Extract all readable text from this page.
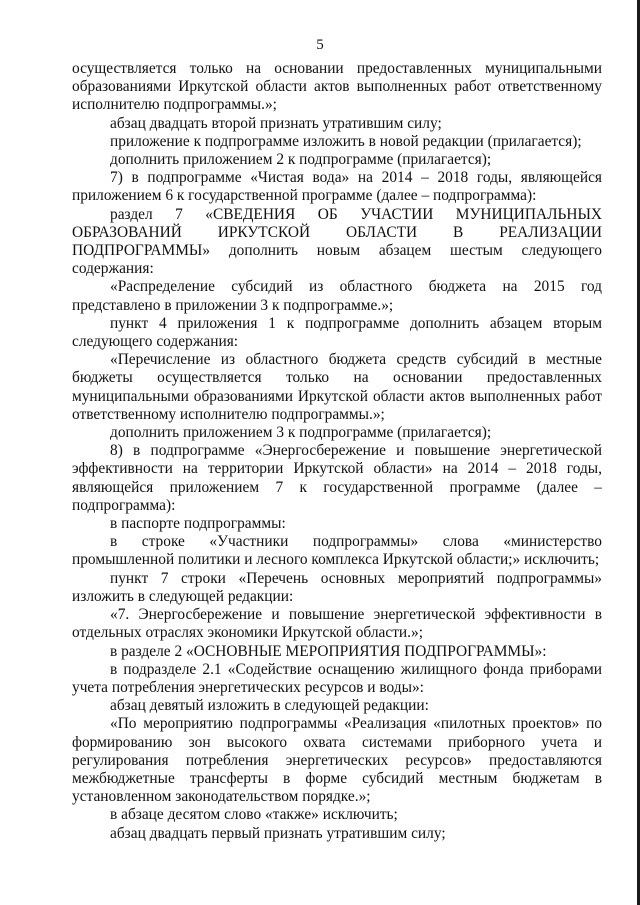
5

осуществляется только на основании предоставленных муниципальными образованиями Иркутской области актов выполненных работ ответственному исполнителю подпрограммы.»;

абзац двадцать второй признать утратившим силу;

приложение к подпрограмме изложить в новой редакции (прилагается);

дополнить приложением 2 к подпрограмме (прилагается);

7) в подпрограмме «Чистая вода» на 2014 – 2018 годы, являющейся приложением 6 к государственной программе (далее – подпрограмма):

раздел 7 «СВЕДЕНИЯ ОБ УЧАСТИИ МУНИЦИПАЛЬНЫХ ОБРАЗОВАНИЙ ИРКУТСКОЙ ОБЛАСТИ В РЕАЛИЗАЦИИ ПОДПРОГРАММЫ» дополнить новым абзацем шестым следующего содержания:

«Распределение субсидий из областного бюджета на 2015 год представлено в приложении 3 к подпрограмме.»;

пункт 4 приложения 1 к подпрограмме дополнить абзацем вторым следующего содержания:

«Перечисление из областного бюджета средств субсидий в местные бюджеты осуществляется только на основании предоставленных муниципальными образованиями Иркутской области актов выполненных работ ответственному исполнителю подпрограммы.»;

дополнить приложением 3 к подпрограмме (прилагается);

8) в подпрограмме «Энергосбережение и повышение энергетической эффективности на территории Иркутской области» на 2014 – 2018 годы, являющейся приложением 7 к государственной программе (далее – подпрограмма):

в паспорте подпрограммы:

в строке «Участники подпрограммы» слова «министерство промышленной политики и лесного комплекса Иркутской области;» исключить;

пункт 7 строки «Перечень основных мероприятий подпрограммы» изложить в следующей редакции:

«7. Энергосбережение и повышение энергетической эффективности в отдельных отраслях экономики Иркутской области.»;

в разделе 2 «ОСНОВНЫЕ МЕРОПРИЯТИЯ ПОДПРОГРАММЫ»:

в подразделе 2.1 «Содействие оснащению жилищного фонда приборами учета потребления энергетических ресурсов и воды»:

абзац девятый изложить в следующей редакции:

«По мероприятию подпрограммы «Реализация «пилотных проектов» по формированию зон высокого охвата системами приборного учета и регулирования потребления энергетических ресурсов» предоставляются межбюджетные трансферты в форме субсидий местным бюджетам в установленном законодательством порядке.»;

в абзаце десятом слово «также» исключить;

абзац двадцать первый признать утратившим силу;
